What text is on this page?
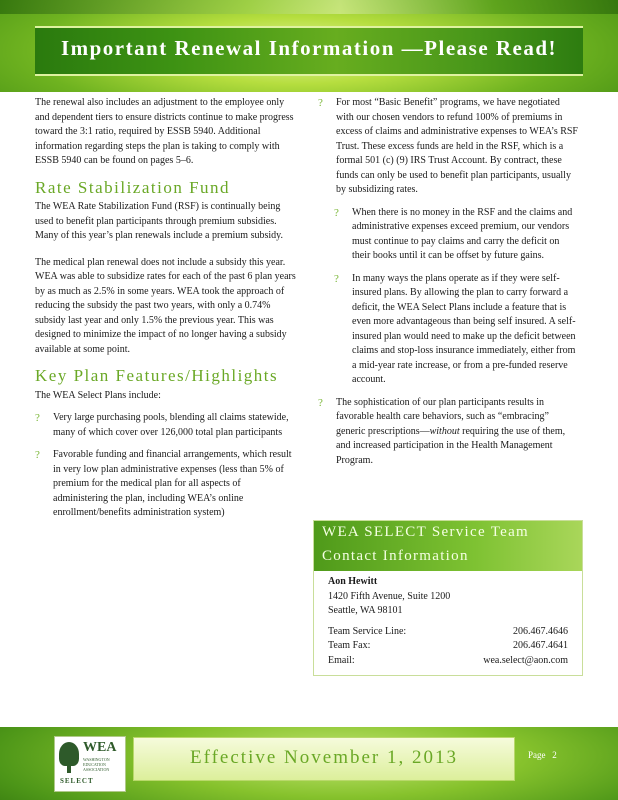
Important Renewal Information —Please Read!

The renewal also includes an adjustment to the employee only and dependent tiers to ensure districts continue to make progress toward the 3:1 ratio, required by ESSB 5940. Additional information regarding steps the plan is taking to comply with ESSB 5940 can be found on pages 5–6.

Rate Stabilization Fund

The WEA Rate Stabilization Fund (RSF) is continually being used to benefit plan participants through premium subsidies. Many of this year’s plan renewals include a premium subsidy.

The medical plan renewal does not include a subsidy this year. WEA was able to subsidize rates for each of the past 6 plan years by as much as 2.5% in some years. WEA took the approach of reducing the subsidy the past two years, with only a 0.74% subsidy last year and only 1.5% the previous year. This was designed to minimize the impact of no longer having a subsidy available at some point.

Key Plan Features/Highlights

The WEA Select Plans include:

? Very large purchasing pools, blending all claims statewide, many of which cover over 126,000 total plan participants
? Favorable funding and financial arrangements, which result in very low plan administrative expenses (less than 5% of premium for the medical plan for all aspects of administering the plan, including WEA’s online enrollment/benefits administration system)
? For most “Basic Benefit” programs, we have negotiated with our chosen vendors to refund 100% of premiums in excess of claims and administrative expenses to WEA’s RSF Trust. These excess funds are held in the RSF, which is a formal 501 (c) (9) IRS Trust Account. By contract, these funds can only be used to benefit plan participants, usually by subsidizing rates.
? When there is no money in the RSF and the claims and administrative expenses exceed premium, our vendors must continue to pay claims and carry the deficit on their books until it can be offset by future gains.
? In many ways the plans operate as if they were self-insured plans. By allowing the plan to carry forward a deficit, the WEA Select Plans include a feature that is even more advantageous than being self insured. A self-insured plan would need to make up the deficit between claims and stop-loss insurance immediately, either from a mid-year rate increase, or from a pre-funded reserve account.
? The sophistication of our plan participants results in favorable health care behaviors, such as “embracing” generic prescriptions—without requiring the use of them, and increased participation in the Health Management Program.
WEA SELECT Service Team
Contact Information
Aon Hewitt
1420 Fifth Avenue, Suite 1200
Seattle, WA 98101
Team Service Line:	206.467.4646
Team Fax:	206.467.4641
Email:	wea.select@aon.com
WEA
WASHINGTON EDUCATION ASSOCIATION
SELECT
Effective November 1, 2013	Page 2
